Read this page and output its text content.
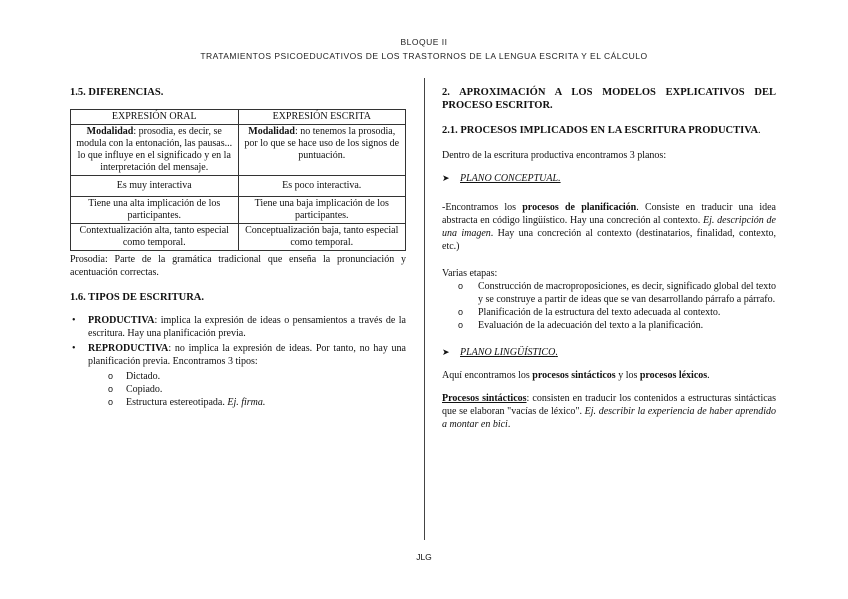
BLOQUE II
TRATAMIENTOS PSICOEDUCATIVOS DE LOS TRASTORNOS DE LA LENGUA ESCRITA Y EL CÁLCULO
1.5. DIFERENCIAS.
EXPRESIÓN ORAL	EXPRESIÓN ESCRITA
Modalidad: prosodia, es decir, se modula con la entonación, las pausas... lo que influye en el significado y en la interpretación del mensaje.	Modalidad: no tenemos la prosodia, por lo que se hace uso de los signos de puntuación.
Es muy interactiva	Es poco interactiva.
Tiene una alta implicación de los participantes.	Tiene una baja implicación de los participantes.
Contextualización alta, tanto especial como temporal.	Conceptualización baja, tanto especial como temporal.

Prosodia: Parte de la gramática tradicional que enseña la pronunciación y acentuación correctas.

1.6. TIPOS DE ESCRITURA.
• PRODUCTIVA: implica la expresión de ideas o pensamientos a través de la escritura. Hay una planificación previa.
• REPRODUCTIVA: no implica la expresión de ideas. Por tanto, no hay una planificación previa. Encontramos 3 tipos:
o Dictado.
o Copiado.
o Estructura estereotipada. Ej. firma.
2. APROXIMACIÓN A LOS MODELOS EXPLICATIVOS DEL PROCESO ESCRITOR.
2.1. PROCESOS IMPLICADOS EN LA ESCRITURA PRODUCTIVA.

Dentro de la escritura productiva encontramos 3 planos:

➤ PLANO CONCEPTUAL.

-Encontramos los procesos de planificación. Consiste en traducir una idea abstracta en código lingüístico. Hay una concreción al contexto. Ej. descripción de una imagen. Hay una concreción al contexto (destinatarios, finalidad, contexto, etc.)

Varias etapas:

o Construcción de macroproposiciones, es decir, significado global del texto y se construye a partir de ideas que se van desarrollando párrafo a párrafo.
o Planificación de la estructura del texto adecuada al contexto.
o Evaluación de la adecuación del texto a la planificación.

➤ PLANO LINGÜÍSTICO.

Aquí encontramos los procesos sintácticos y los procesos léxicos.

Procesos sintácticos: consisten en traducir los contenidos a estructuras sintácticas que se elaboran "vacías de léxico". Ej. describir la experiencia de haber aprendido a montar en bici.

JLG
